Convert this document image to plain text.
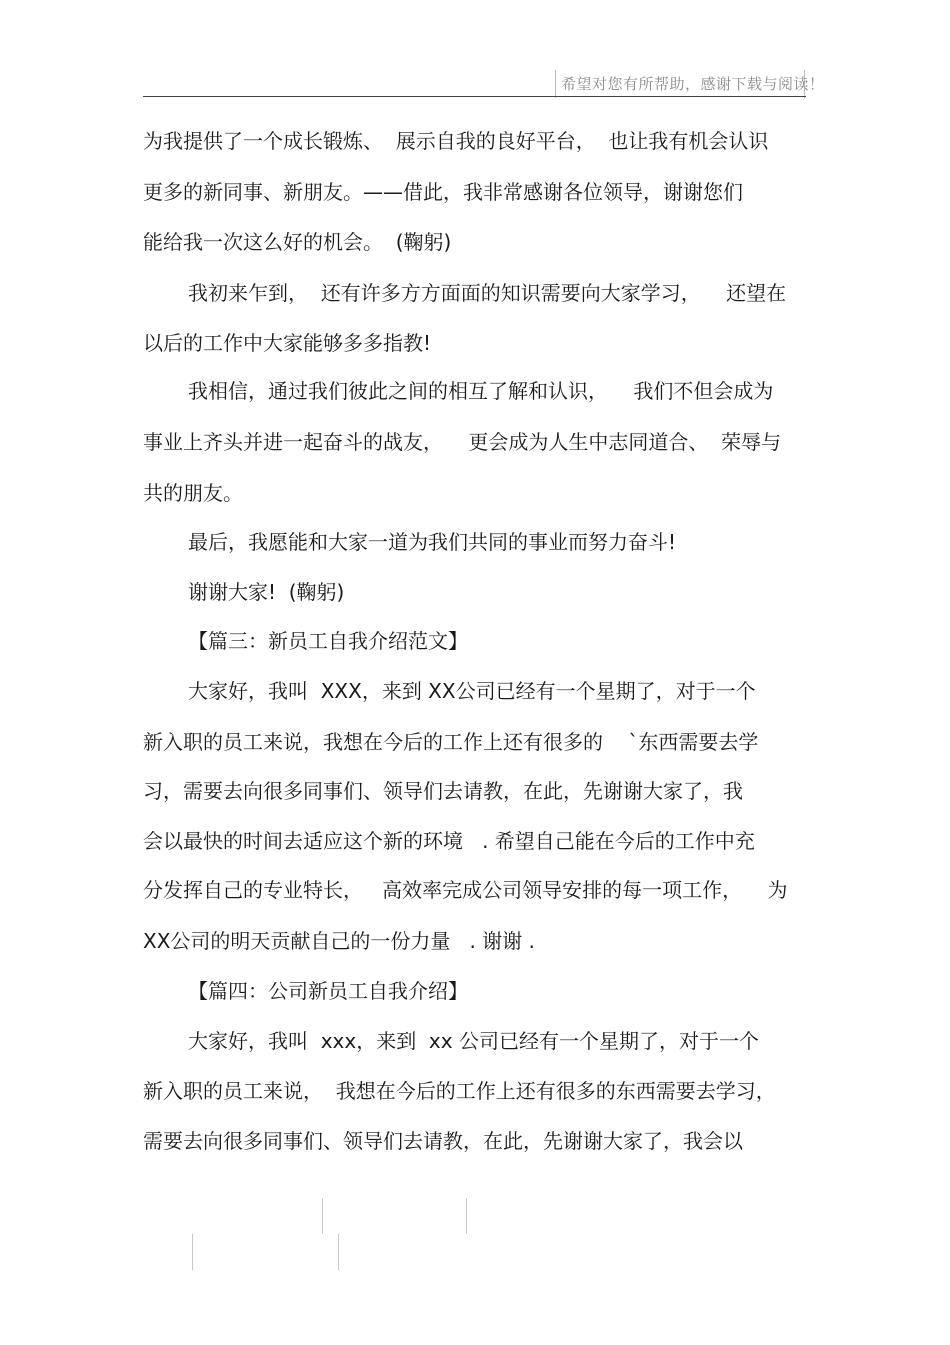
希望对您有所帮助，感谢下载与阅读！
为我提供了一个成长锻炼、  展示自我的良好平台，  也让我有机会认识
更多的新同事、新朋友。——借此，我非常感谢各位领导，谢谢您们
能给我一次这么好的机会。  (鞠躬)
我初来乍到，  还有许多方方面面的知识需要向大家学习，    还望在
以后的工作中大家能够多多指教!
我相信，通过我们彼此之间的相互了解和认识，    我们不但会成为
事业上齐头并进一起奋斗的战友，    更会成为人生中志同道合、  荣辱与
共的朋友。
最后，我愿能和大家一道为我们共同的事业而努力奋斗!
谢谢大家!  (鞠躬)
【篇三：新员工自我介绍范文】
大家好，我叫  XXX，来到 XX公司已经有一个星期了，对于一个
新入职的员工来说，我想在今后的工作上还有很多的    `东西需要去学
习，需要去向很多同事们、领导们去请教，在此，先谢谢大家了，我
会以最快的时间去适应这个新的环境   . 希望自己能在今后的工作中充
分发挥自己的专业特长，   高效率完成公司领导安排的每一项工作，    为
XX公司的明天贡献自己的一份力量   . 谢谢 .
【篇四：公司新员工自我介绍】
大家好，我叫  xxx，来到  xx 公司已经有一个星期了，对于一个
新入职的员工来说，  我想在今后的工作上还有很多的东西需要去学习，
需要去向很多同事们、领导们去请教，在此，先谢谢大家了，我会以
